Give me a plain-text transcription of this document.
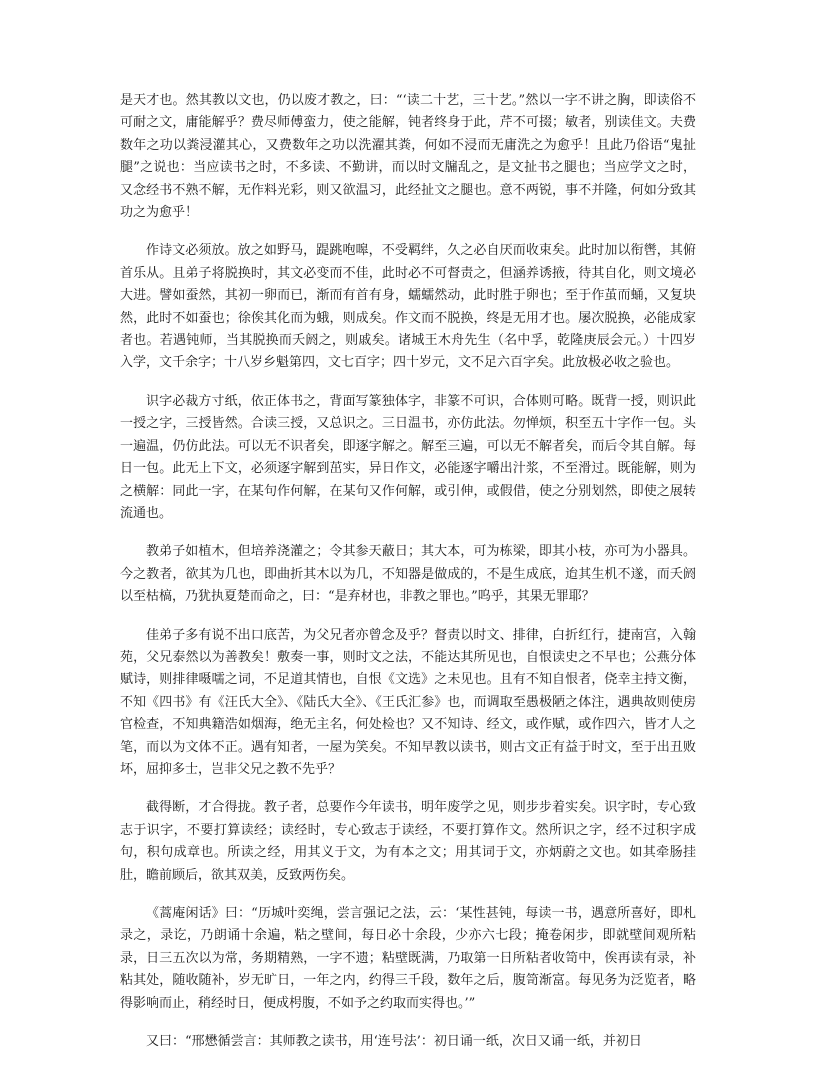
是天才也。然其教以文也，仍以废才教之，曰：“‘读二十艺，三十艺。”然以一字不讲之胸，即读俗不可耐之文，庸能解乎？费尽师傅蛮力，使之能解，钝者终身于此，芹不可掇；敏者，别读佳文。夫费数年之功以粪浸灌其心，又费数年之功以洗濯其粪，何如不浸而无庸洗之为愈乎！且此乃俗语“鬼扯腿”之说也：当应读书之时，不多读、不勤讲，而以时文牖乱之，是文扯书之腿也；当应学文之时，又念经书不熟不解，无作料光彩，则又欲温习，此经扯文之腿也。意不两锐，事不并隆，何如分致其功之为愈乎！

作诗文必须放。放之如野马，踶跳咆嗥，不受羁绊，久之必自厌而收束矣。此时加以衔辔，其俯首乐从。且弟子将脱换时，其文必变而不佳，此时必不可督责之，但涵养诱掖，待其自化，则文境必大进。譬如蚕然，其初一卵而已，渐而有首有身，蠕蠕然动，此时胜于卵也；至于作茧而蛹，又复块然，此时不如蚕也；徐俟其化而为蛾，则成矣。作文而不脱换，终是无用才也。屡次脱换，必能成家者也。若遇钝师，当其脱换而夭阏之，则戚矣。诸城王木舟先生（名中孚，乾隆庚辰会元。）十四岁入学，文千余字；十八岁乡魁第四，文七百字；四十岁元，文不足六百字矣。此放极必收之验也。

识字必裁方寸纸，依正体书之，背面写篆独体字，非篆不可识，合体则可略。既背一授，则识此一授之字，三授皆然。合读三授，又总识之。三日温书，亦仿此法。勿惮烦，积至五十字作一包。头一遍温，仍仿此法。可以无不识者矣，即逐字解之。解至三遍，可以无不解者矣，而后令其自解。每日一包。此无上下文，必须逐字解到茁实，异日作文，必能逐字嚼出汁浆，不至滑过。既能解，则为之横解：同此一字，在某句作何解，在某句又作何解，或引伸，或假借，使之分别划然，即使之展转流通也。

教弟子如植木，但培养浇灌之；令其参天蔽日；其大本，可为栋梁，即其小枝，亦可为小器具。今之教者，欲其为几也，即曲折其木以为几，不知器是做成的，不是生成底，迨其生机不遂，而夭阏以至枯槁，乃犹执夏楚而命之，曰：“是弃材也，非教之罪也。”呜乎，其果无罪耶？

佳弟子多有说不出口底苦，为父兄者亦曾念及乎？督责以时文、排律，白折红行，捷南宫，入翰苑，父兄泰然以为善教矣！敷奏一事，则时文之法，不能达其所见也，自恨读史之不早也；公燕分体赋诗，则排律嗫嚅之词，不足道其情也，自恨《文选》之未见也。且有不知自恨者，侥幸主持文衡，不知《四书》有《汪氏大全》、《陆氏大全》、《王氏汇参》也，而调取至愚极陋之体注，遇典故则使房官检查，不知典籍浩如烟海，绝无主名，何处检也？又不知诗、经文，或作赋，或作四六，皆才人之笔，而以为文体不正。遇有知者，一屋为笑矣。不知早教以读书，则古文正有益于时文，至于出丑败坏，屈抑多士，岂非父兄之教不先乎？

截得断，才合得拢。教子者，总要作今年读书，明年废学之见，则步步着实矣。识字时，专心致志于识字，不要打算读经；读经时，专心致志于读经，不要打算作文。然所识之字，经不过积字成句，积句成章也。所读之经，用其义于文，为有本之文；用其词于文，亦炳蔚之文也。如其牵肠挂肚，瞻前顾后，欲其双美，反致两伤矣。

《蒿庵闲话》曰：“历城叶奕绳，尝言强记之法，云：‘某性甚钝，每读一书，遇意所喜好，即札录之，录讫，乃朗诵十余遍，粘之壁间，每日必十余段，少亦六七段；掩卷闲步，即就壁间观所粘录，日三五次以为常，务期精熟，一字不遗；粘壁既满，乃取第一日所粘者收笥中，俟再读有录，补粘其处，随收随补，岁无旷日，一年之内，约得三千段，数年之后，腹笥渐富。每见务为泛览者，略得影响而止，稍经时日，便成枵腹，不如予之约取而实得也。’”

又曰：“邢懋循尝言：其师教之读书，用‘连号法’：初日诵一纸，次日又诵一纸，并初日
